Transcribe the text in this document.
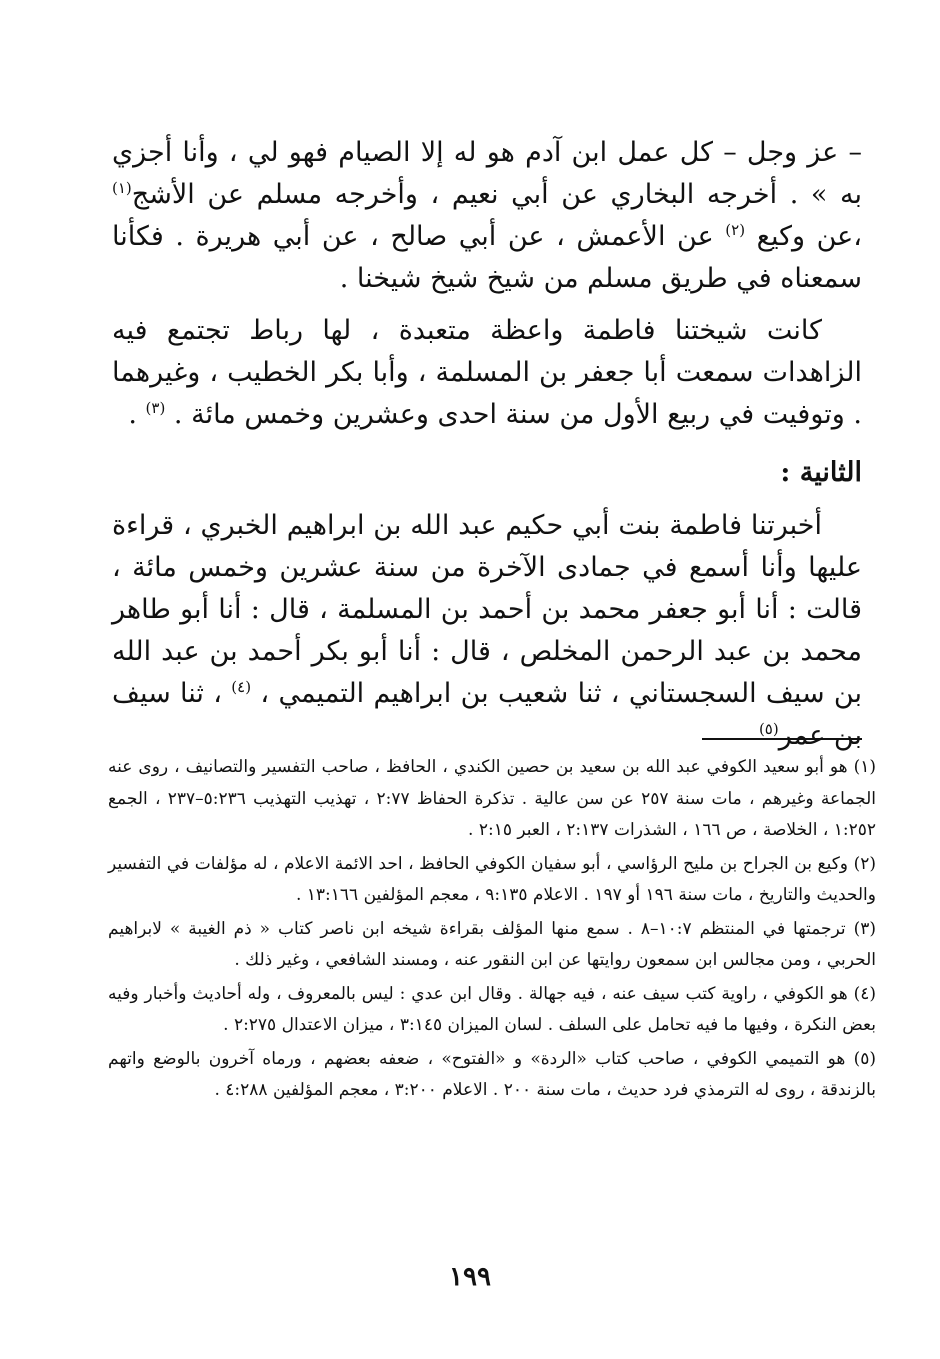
– عز وجل – كل عمل ابن آدم هو له إلا الصيام فهو لي ، وأنا أجزي به » . أخرجه البخاري عن أبي نعيم ، وأخرجه مسلم عن الأشج$^{(١)}$ ،عن وكيع $^{(٢)}$ عن الأعمش ، عن أبي صالح ، عن أبي هريرة . فكأنا سمعناه في طريق مسلم من شيخ شيخ شيخنا .

كانت شيختنا فاطمة واعظة متعبدة ، لها رباط تجتمع فيه الزاهدات سمعت أبا جعفر بن المسلمة ، وأبا بكر الخطيب ، وغيرهما . وتوفيت في ربيع الأول من سنة احدى وعشرين وخمس مائة . $^{(٣)}$ .

الثانية :

أخبرتنا فاطمة بنت أبي حكيم عبد الله بن ابراهيم الخبري ، قراءة عليها وأنا أسمع في جمادى الآخرة من سنة عشرين وخمس مائة ، قالت : أنا أبو جعفر محمد بن أحمد بن المسلمة ، قال : أنا أبو طاهر محمد بن عبد الرحمن المخلص ، قال : أنا أبو بكر أحمد بن عبد الله بن سيف السجستاني ، ثنا شعيب بن ابراهيم التميمي ، $^{(٤)}$ ، ثنا سيف بن عمر$^{(٥)}$

(١) هو أبو سعيد الكوفي عبد الله بن سعيد بن حصين الكندي ، الحافظ ، صاحب التفسير والتصانيف ، روى عنه الجماعة وغيرهم ، مات سنة ٢٥٧ عن سن عالية . تذكرة الحفاظ ٢:٧٧ ، تهذيب التهذيب ٥:٢٣٦–٢٣٧ ، الجمع ١:٢٥٢ ، الخلاصة ، ص ١٦٦ ، الشذرات ٢:١٣٧ ، العبر ٢:١٥ .

(٢) وكيع بن الجراح بن مليح الرؤاسي ، أبو سفيان الكوفي الحافظ ، احد الائمة الاعلام ، له مؤلفات في التفسير والحديث والتاريخ ، مات سنة ١٩٦ أو ١٩٧ . الاعلام ٩:١٣٥ ، معجم المؤلفين ١٣:١٦٦ .

(٣) ترجمتها في المنتظم ١٠:٧–٨ . سمع منها المؤلف بقراءة شيخه ابن ناصر كتاب « ذم الغيبة » لابراهيم الحربي ، ومن مجالس ابن سمعون روايتها عن ابن النقور عنه ، ومسند الشافعي ، وغير ذلك .

(٤) هو الكوفي ، راوية كتب سيف عنه ، فيه جهالة . وقال ابن عدي : ليس بالمعروف ، وله أحاديث وأخبار وفيه بعض النكرة ، وفيها ما فيه تحامل على السلف . لسان الميزان ٣:١٤٥ ، ميزان الاعتدال ٢:٢٧٥ .

(٥) هو التميمي الكوفي ، صاحب كتاب «الردة» و «الفتوح» ، ضعفه بعضهم ، ورماه آخرون بالوضع واتهم بالزندقة ، روى له الترمذي فرد حديث ، مات سنة ٢٠٠ . الاعلام ٣:٢٠٠ ، معجم المؤلفين ٤:٢٨٨ .

١٩٩
